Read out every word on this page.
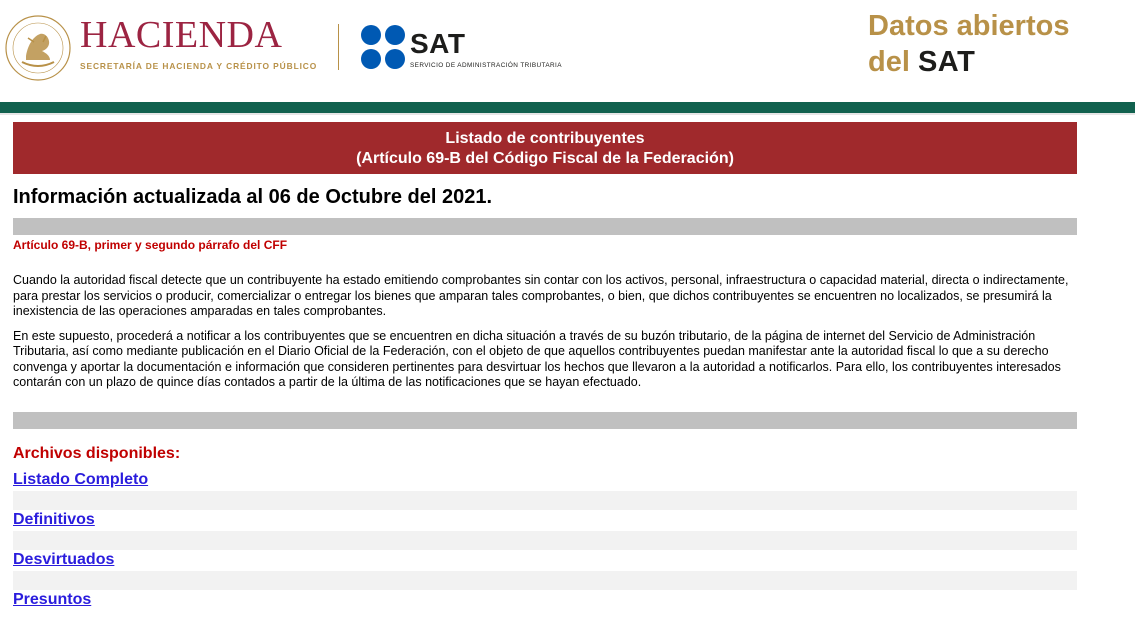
HACIENDA
SECRETARÍA DE HACIENDA Y CRÉDITO PÚBLICO
SAT
SERVICIO DE ADMINISTRACIÓN TRIBUTARIA
Datos abiertos
del SAT
Listado de contribuyentes
(Artículo 69-B del Código Fiscal de la Federación)
Información actualizada al 06 de Octubre del 2021.
Artículo 69-B, primer y segundo párrafo del CFF

Cuando la autoridad fiscal detecte que un contribuyente ha estado emitiendo comprobantes sin contar con los activos, personal, infraestructura o capacidad material, directa o indirectamente, para prestar los servicios o producir, comercializar o entregar los bienes que amparan tales comprobantes, o bien, que dichos contribuyentes se encuentren no localizados, se presumirá la inexistencia de las operaciones amparadas en tales comprobantes.

En este supuesto, procederá a notificar a los contribuyentes que se encuentren en dicha situación a través de su buzón tributario, de la página de internet del Servicio de Administración Tributaria, así como mediante publicación en el Diario Oficial de la Federación, con el objeto de que aquellos contribuyentes puedan manifestar ante la autoridad fiscal lo que a su derecho convenga y aportar la documentación e información que consideren pertinentes para desvirtuar los hechos que llevaron a la autoridad a notificarlos. Para ello, los contribuyentes interesados contarán con un plazo de quince días contados a partir de la última de las notificaciones que se hayan efectuado.

Archivos disponibles:
Listado Completo
Definitivos
Desvirtuados
Presuntos
